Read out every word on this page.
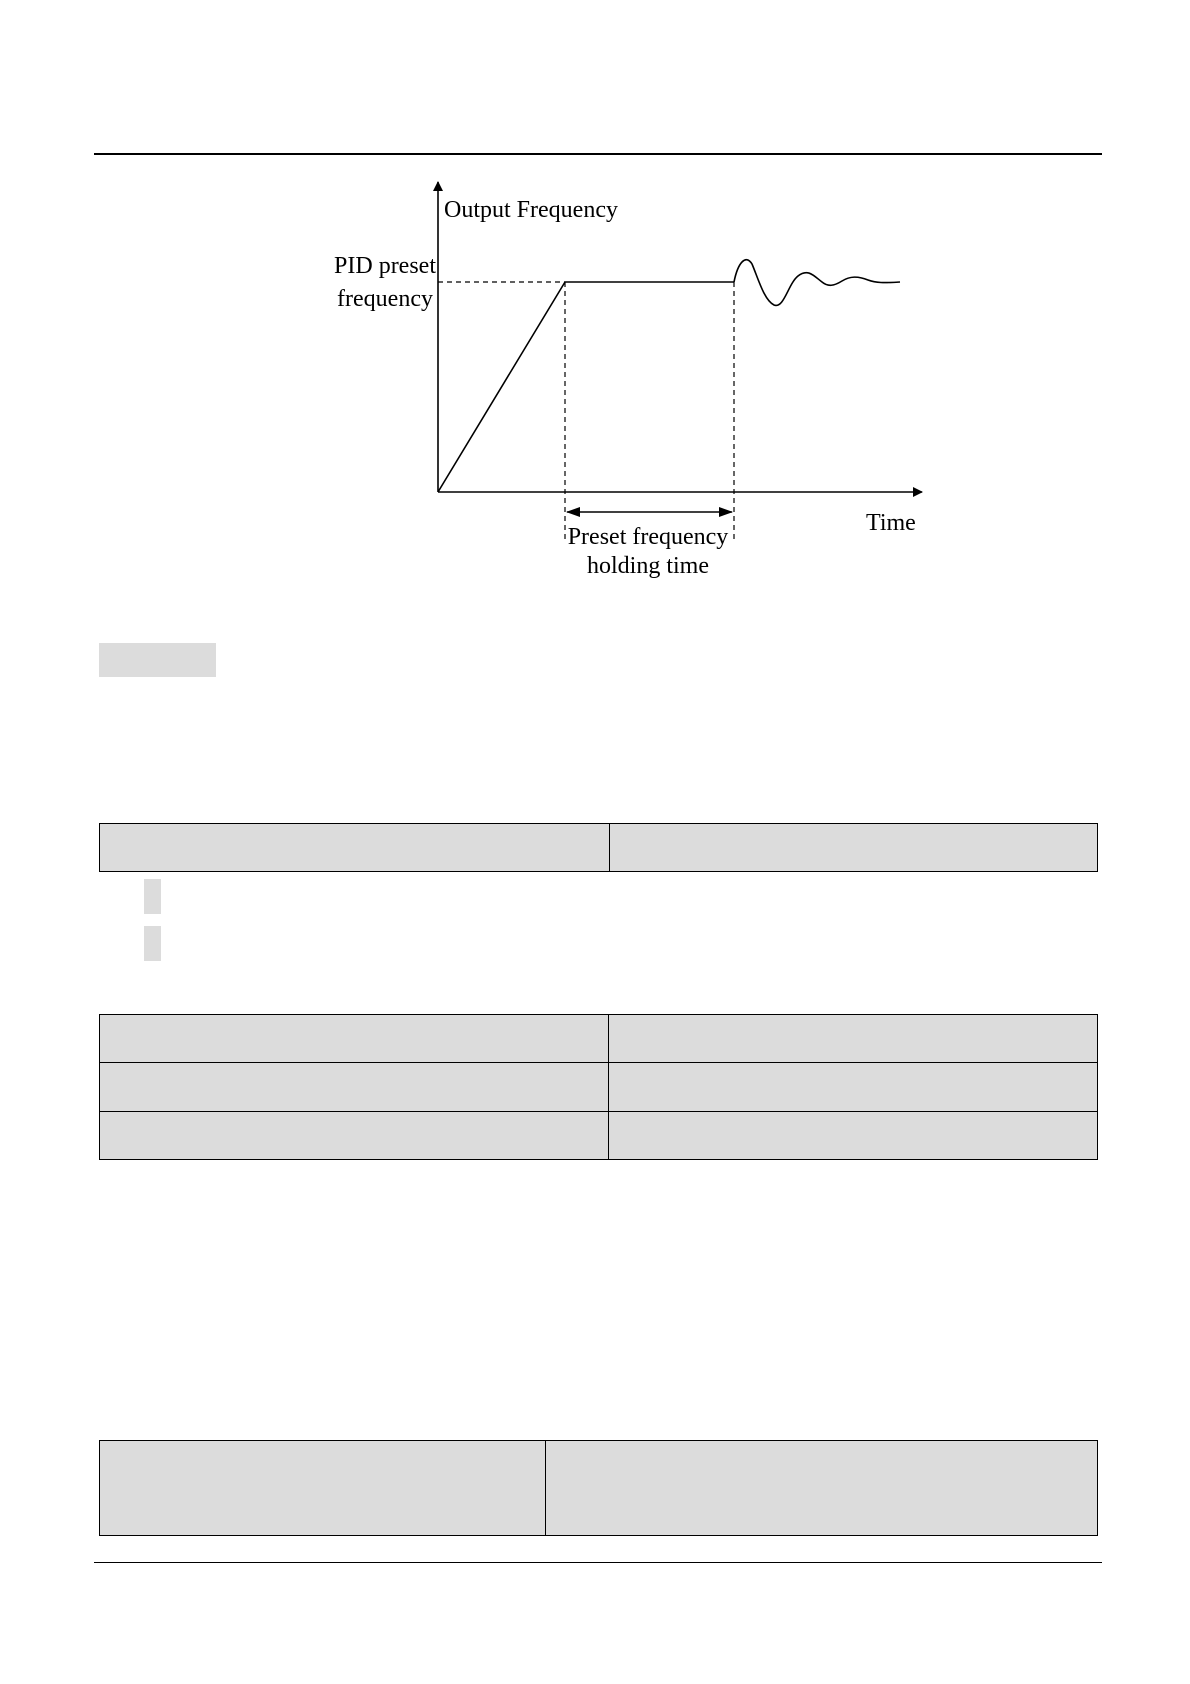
Output Frequency
Time
PID preset
frequency
Preset frequency
holding time
